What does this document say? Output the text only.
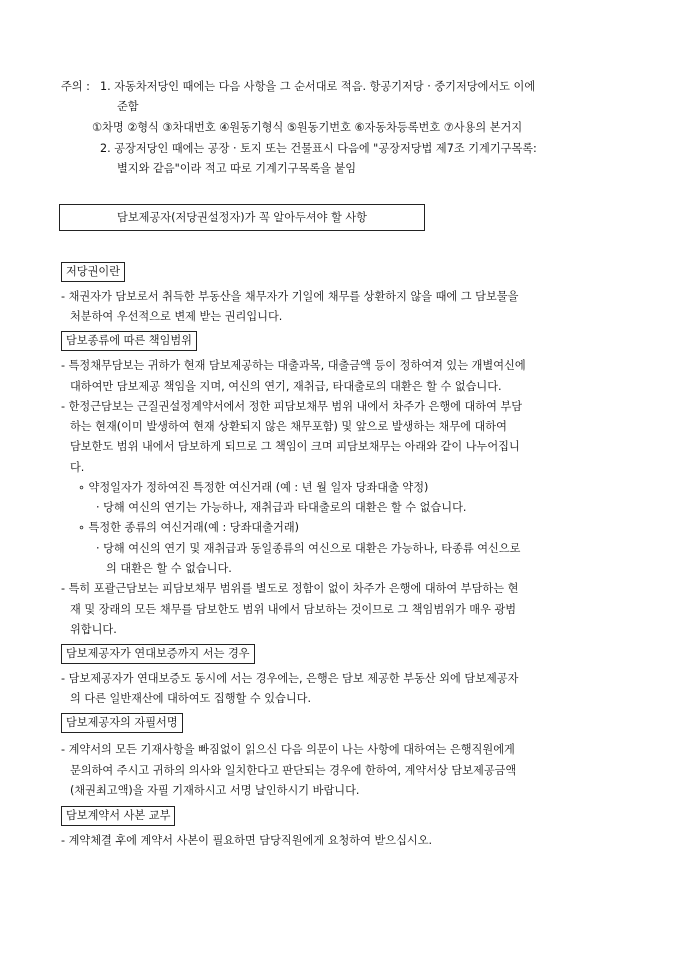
주의 : 1. 자동차저당인 때에는 다음 사항을 그 순서대로 적음. 항공기저당 · 중기저당에서도 이에
준함
①차명 ②형식 ③차대번호 ④원동기형식 ⑤원동기번호 ⑥자동차등록번호 ⑦사용의 본거지
2. 공장저당인 때에는 공장 · 토지 또는 건물표시 다음에 "공장저당법 제7조 기계기구목록:
별지와 같음"이라 적고 따로 기계기구목록을 붙임
담보제공자(저당권설정자)가 꼭 알아두셔야 할 사항
저당권이란
- 채권자가 담보로서 취득한 부동산을 채무자가 기일에 채무를 상환하지 않을 때에 그 담보물을
처분하여 우선적으로 변제 받는 권리입니다.
담보종류에 따른 책임범위
- 특정채무담보는 귀하가 현재 담보제공하는 대출과목, 대출금액 등이 정하여져 있는 개별여신에
대하여만 담보제공 책임을 지며, 여신의 연기, 재취급, 타대출로의 대환은 할 수 없습니다.
- 한정근담보는 근질권설정계약서에서 정한 피담보채무 범위 내에서 차주가 은행에 대하여 부담
하는 현재(이미 발생하여 현재 상환되지 않은 채무포함) 및 앞으로 발생하는 채무에 대하여
담보한도 범위 내에서 담보하게 되므로 그 책임이 크며 피담보채무는 아래와 같이 나누어집니
다.
∘ 약정일자가 정하여진 특정한 여신거래 (예 : 년 월 일자 당좌대출 약정)
· 당해 여신의 연기는 가능하나, 재취급과 타대출로의 대환은 할 수 없습니다.
∘ 특정한 종류의 여신거래(예 : 당좌대출거래)
· 당해 여신의 연기 및 재취급과 동일종류의 여신으로 대환은 가능하나, 타종류 여신으로
의 대환은 할 수 없습니다.
- 특히 포괄근담보는 피담보채무 범위를 별도로 정함이 없이 차주가 은행에 대하여 부담하는 현
재 및 장래의 모든 채무를 담보한도 범위 내에서 담보하는 것이므로 그 책임범위가 매우 광범
위합니다.
담보제공자가 연대보증까지 서는 경우
- 담보제공자가 연대보증도 동시에 서는 경우에는, 은행은 담보 제공한 부동산 외에 담보제공자
의 다른 일반재산에 대하여도 집행할 수 있습니다.
담보제공자의 자필서명
- 계약서의 모든 기재사항을 빠짐없이 읽으신 다음 의문이 나는 사항에 대하여는 은행직원에게
문의하여 주시고 귀하의 의사와 일치한다고 판단되는 경우에 한하여, 계약서상 담보제공금액
(채권최고액)을 자필 기재하시고 서명 날인하시기 바랍니다.
담보계약서 사본 교부
- 계약체결 후에 계약서 사본이 필요하면 담당직원에게 요청하여 받으십시오.
